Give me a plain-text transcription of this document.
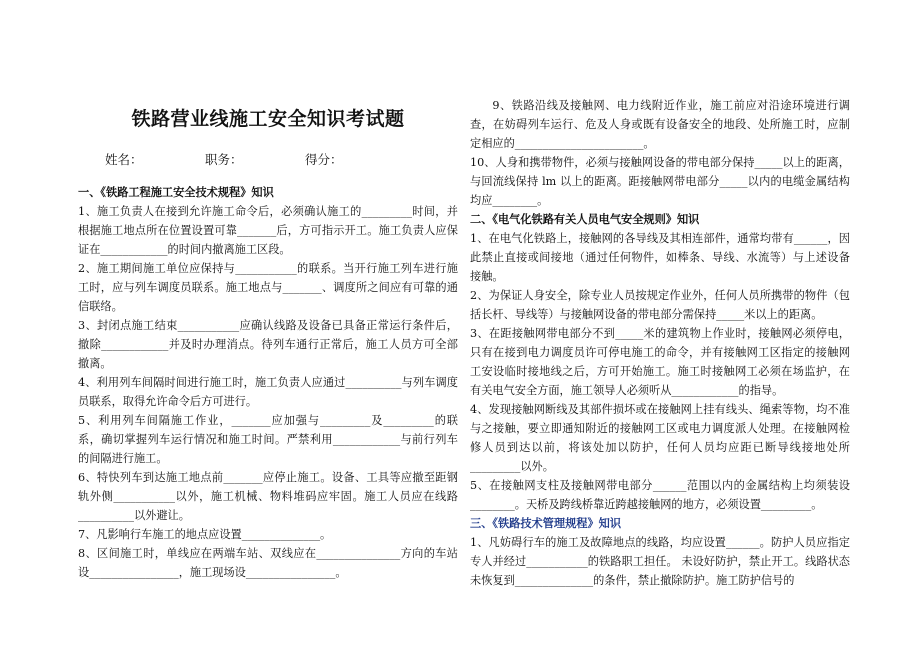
铁路营业线施工安全知识考试题
姓名：	职务：	得分：
一、《铁路工程施工安全技术规程》知识
1、施工负责人在接到允许施工命令后，必须确认施工的_________时间，并根据施工地点所在位置设置可靠_______后，方可指示开工。施工负责人应保证在____________的时间内撤离施工区段。
2、施工期间施工单位应保持与___________的联系。当开行施工列车进行施工时，应与列车调度员联系。施工地点与_______、调度所之间应有可靠的通信联络。
3、封闭点施工结束___________应确认线路及设备已具备正常运行条件后，撤除____________并及时办理消点。待列车通行正常后，施工人员方可全部撤离。
4、利用列车间隔时间进行施工时，施工负责人应通过__________与列车调度员联系，取得允许命令后方可进行。
5、利用列车间隔施工作业，_______应加强与_________及_________的联系，确切掌握列车运行情况和施工时间。严禁利用____________与前行列车的间隔进行施工。
6、特快列车到达施工地点前_______应停止施工。设备、工具等应撤至距钢轨外侧___________以外，施工机械、物料堆码应牢固。施工人员应在线路__________以外避让。
7、凡影响行车施工的地点应设置______________。
8、区间施工时，单线应在两端车站、双线应在_______________方向的车站设________________，施工现场设________________。
9、铁路沿线及接触网、电力线附近作业，施工前应对沿途环境进行调查，在妨碍列车运行、危及人身或既有设备安全的地段、处所施工时，应制定相应的_______________________。
10、人身和携带物件，必须与接触网设备的带电部分保持_____以上的距离，与回流线保持 lm 以上的距离。距接触网带电部分_____以内的电缆金属结构均应________。
二、《电气化铁路有关人员电气安全规则》知识
1、在电气化铁路上，接触网的各导线及其相连部件，通常均带有______，因此禁止直接或间接地（通过任何物件，如棒条、导线、水流等）与上述设备接触。
2、为保证人身安全，除专业人员按规定作业外，任何人员所携带的物件（包括长杆、导线等）与接触网设备的带电部分需保持_____米以上的距离。
3、在距接触网带电部分不到_____米的建筑物上作业时，接触网必须停电，只有在接到电力调度员许可停电施工的命令，并有接触网工区指定的接触网工安设临时接地线之后，方可开始施工。施工时接触网工必须在场监护，在有关电气安全方面，施工领导人必须听从____________的指导。
4、发现接触网断线及其部件损坏或在接触网上挂有线头、绳索等物，均不准与之接触，要立即通知附近的接触网工区或电力调度派人处理。在接触网检修人员到达以前，将该处加以防护，任何人员均应距已断导线接地处所_________以外。
5、在接触网支柱及接触网带电部分______范围以内的金属结构上均须装设________。天桥及跨线桥靠近跨越接触网的地方，必须设置_________。
三、《铁路技术管理规程》知识
1、凡妨碍行车的施工及故障地点的线路，均应设置______。防护人员应指定专人并经过___________的铁路职工担任。 未设好防护，禁止开工。线路状态未恢复到______________的条件，禁止撤除防护。施工防护信号的
